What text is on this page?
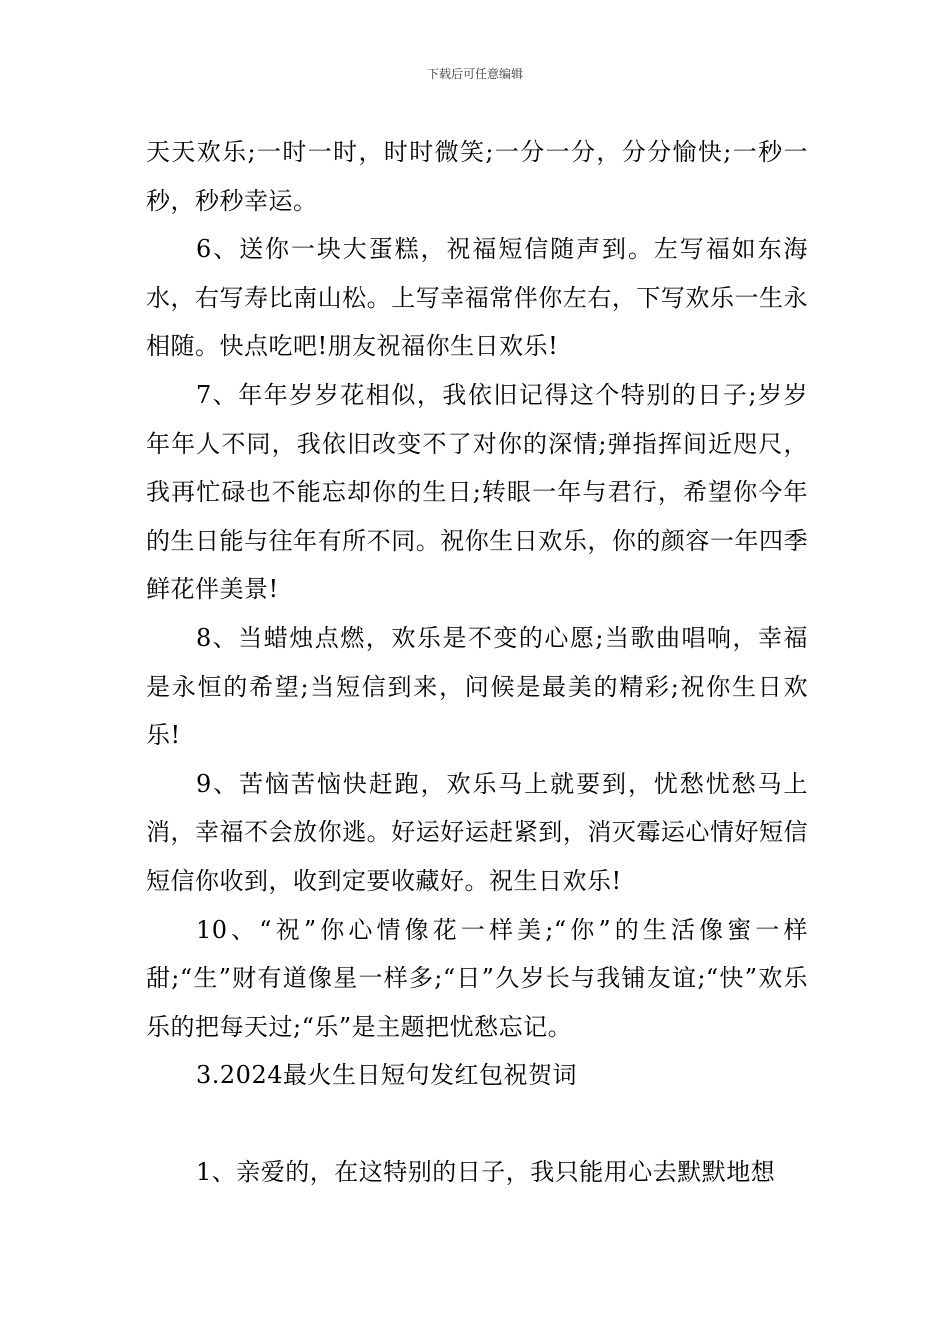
下载后可任意编辑

天天欢乐;一时一时，时时微笑;一分一分，分分愉快;一秒一秒，秒秒幸运。

6、送你一块大蛋糕，祝福短信随声到。左写福如东海水，右写寿比南山松。上写幸福常伴你左右，下写欢乐一生永相随。快点吃吧!朋友祝福你生日欢乐!

7、年年岁岁花相似，我依旧记得这个特别的日子;岁岁年年人不同，我依旧改变不了对你的深情;弹指挥间近咫尺，我再忙碌也不能忘却你的生日;转眼一年与君行，希望你今年的生日能与往年有所不同。祝你生日欢乐，你的颜容一年四季鲜花伴美景!

8、当蜡烛点燃，欢乐是不变的心愿;当歌曲唱响，幸福是永恒的希望;当短信到来，问候是最美的精彩;祝你生日欢乐!

9、苦恼苦恼快赶跑，欢乐马上就要到，忧愁忧愁马上消，幸福不会放你逃。好运好运赶紧到，消灭霉运心情好短信短信你收到，收到定要收藏好。祝生日欢乐!

10、“祝”你心情像花一样美;“你”的生活像蜜一样甜;“生”财有道像星一样多;“日”久岁长与我铺友谊;“快”欢乐乐的把每天过;“乐”是主题把忧愁忘记。

3.2024最火生日短句发红包祝贺词

1、亲爱的，在这特别的日子，我只能用心去默默地想
